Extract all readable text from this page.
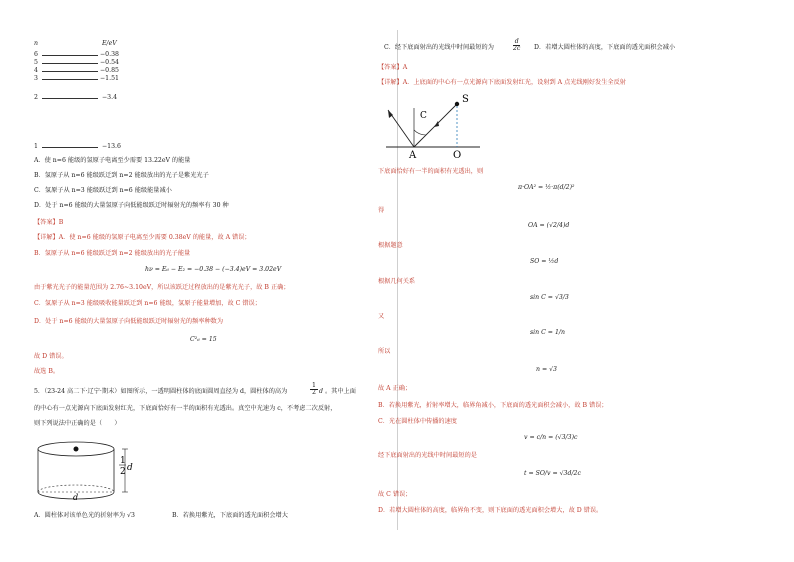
n	E/eV
6	−0.38
5	−0.54
4	−0.85
3	−1.51
2	−3.4
1	−13.6
A．使 n=6 能级的氢原子电离至少需要 13.22eV 的能量
B．氢原子从 n=6 能级跃迁到 n=2 能级放出的光子是紫光光子
C．氢原子从 n=3 能级跃迁到 n=6 能级能量减小
D．处于 n=6 能级的大量氢原子向低能级跃迁时辐射光的频率有 30 种
【答案】B
【详解】A．使 n=6 能级的氢原子电离至少需要 0.38eV 的能量，故 A 错误；
B．氢原子从 n=6 能级跃迁到 n=2 能级放出的光子能量
hν = E₆ − E₂ = −0.38 − (−3.4)eV = 3.02eV
由于紫光光子的能量范围为 2.76~3.10eV，所以该跃迁过程放出的是紫光光子，故 B 正确；
C．氢原子从 n=3 能级吸收能量跃迁到 n=6 能级，氢原子能量增加，故 C 错误；
D．处于 n=6 能级的大量氢原子向低能级跃迁时辐射光的频率种数为
C²₆ = 15
故 D 错误。
故选 B。
5．（23-24 高二下·辽宁·期末）如图所示，一透明圆柱体的底面圆周直径为 d，圆柱体的高为	$\frac{1}{2}$ d 。其中上面
的中心有一点光源向下底面发射红光，下底面恰好有一半的面积有光透出。真空中光速为 c，不考虑二次反射，
则下列说法中正确的是（　　）
1
2 d
d
A．圆柱体对该单色光的折射率为 √3	B．若换用紫光，下底面的透光面积会增大
C．经下底面射出的光线中时间最短的为	$\frac{d}{2c}$ D．若增大圆柱体的高度，下底面的透光面积会减小
【答案】A
【详解】A．上底面的中心有一点光源向下底面发射红光，设射到 A 点光线刚好发生全反射
S
C
A	O
下底面恰好有一半的面积有光透出，则
π·OA² = ½·π(d/2)²
得
OA = (√2/4)d
根据题意
SO = ½d
根据几何关系
sin C = √3/3
又
sin C = 1/n
所以
n = √3
故 A 正确；
B．若换用紫光，折射率增大，临界角减小，下底面的透光面积会减小，故 B 错误；
C．光在圆柱体中传播的速度
v = c/n = (√3/3)c
经下底面射出的光线中时间最短的是
t = SO/v = √3d/2c
故 C 错误；
D．若增大圆柱体的高度，临界角不变，则下底面的透光面积会增大，故 D 错误。
